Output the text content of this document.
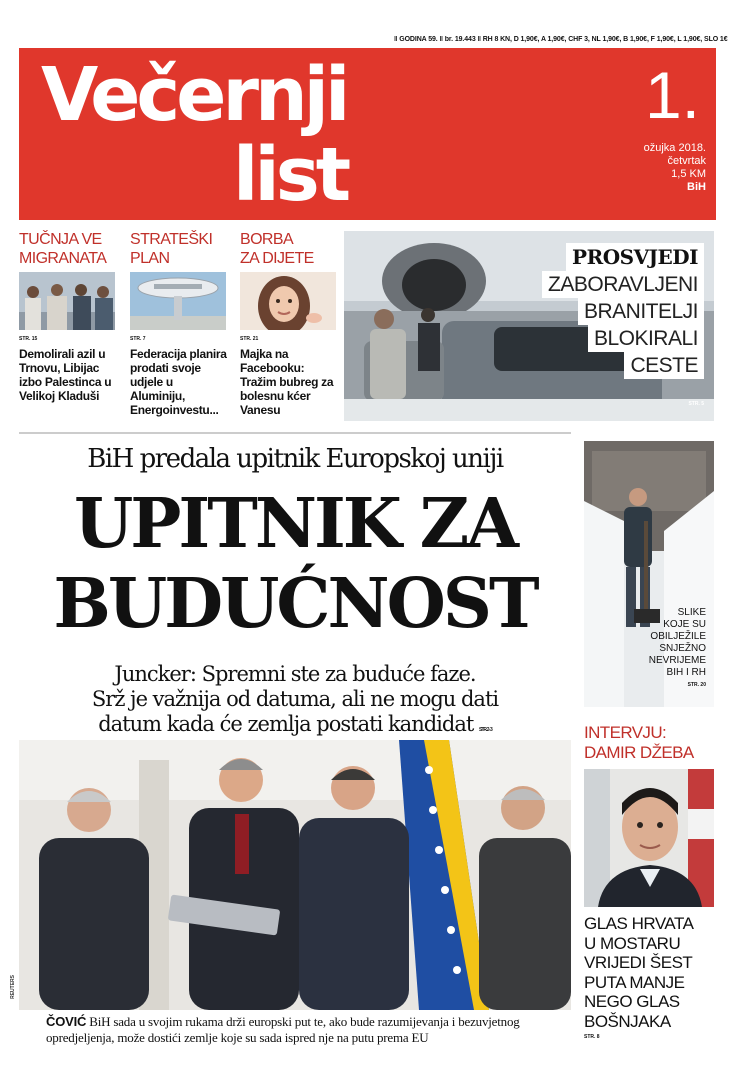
‖ GODINA 59. ‖ br. 19.443 ‖ RH 8 KN, D 1,90€, A 1,90€, CHF 3, NL 1,90€, B 1,90€, F 1,90€, L 1,90€, SLO 1€
Večernji
list
1.
ožujka 2018.
četvrtak
1,5 KM
BiH
TUČNJA VE
MIGRANATA
STR. 15
Demolirali azil u Trnovu, Libijac izbo Palestinca u Velikoj Kladuši
STRATEŠKI
PLAN
STR. 7
Federacija planira prodati svoje udjele u Aluminiju, Energoinvestu...
BORBA
ZA DIJETE
STR. 21
Majka na Facebooku: Tražim bubreg za bolesnu kćer Vanesu
PROSVJEDI
ZABORAVLJENI
BRANITELJI
BLOKIRALI
CESTE
STR. 5
BiH predala upitnik Europskoj uniji
UPITNIK ZA
BUDUĆNOST
Juncker: Spremni ste za buduće faze.
Srž je važnija od datuma, ali ne mogu dati
datum kada će zemlja postati kandidat STR. 2 - 3
REUTERS
ČOVIĆ BiH sada u svojim rukama drži europski put te, ako bude razumijevanja i bezuvjetnog opredjeljenja, može dostići zemlje koje su sada ispred nje na putu prema EU
SLIKE
KOJE SU
OBILJEŽILE
SNJEŽNO
NEVRIJEME
BIH I RH
STR. 20
INTERVJU:
DAMIR DŽEBA
GLAS HRVATA
U MOSTARU
VRIJEDI ŠEST
PUTA MANJE
NEGO GLAS
BOŠNJAKA
STR. 8
